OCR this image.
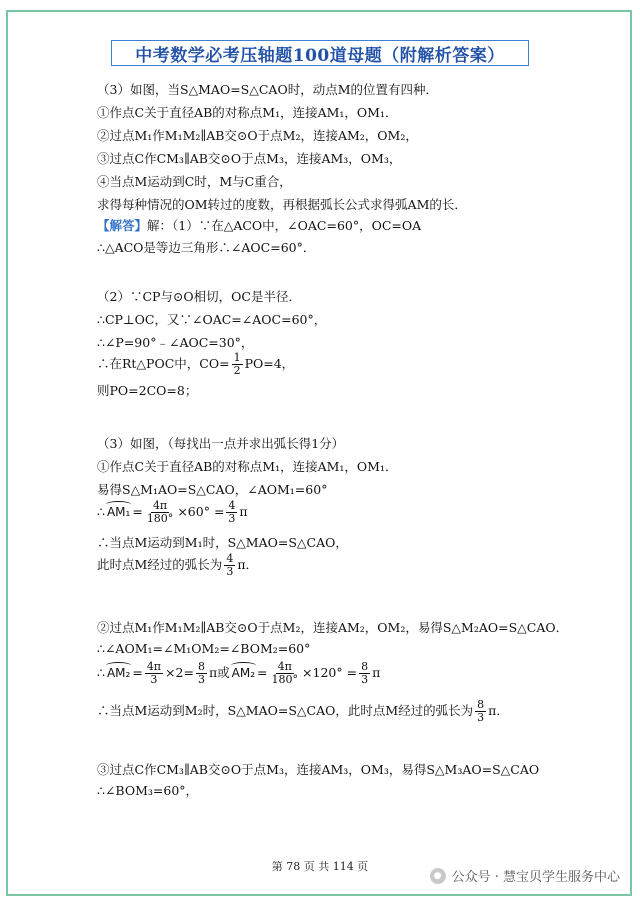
中考数学必考压轴题100道母题（附解析答案）
（3）如图，当S△MAO=S△CAO时，动点M的位置有四种．
①作点C关于直径AB的对称点M₁，连接AM₁，OM₁．
②过点M₁作M₁M₂∥AB交⊙O于点M₂，连接AM₂，OM₂，
③过点C作CM₃∥AB交⊙O于点M₃，连接AM₃，OM₃，
④当点M运动到C时，M与C重合，
求得每种情况的OM转过的度数，再根据弧长公式求得弧AM的长．
【解答】解：（1）∵在△ACO中，∠OAC=60°，OC=OA
∴△ACO是等边三角形∴∠AOC=60°．
（2）∵CP与⊙O相切，OC是半径．
∴CP⊥OC，又∵∠OAC=∠AOC=60°，
∴∠P=90°﹣∠AOC=30°，
∴在Rt△POC中，$CO= \frac{1}{2} PO=4$，
则PO=2CO=8；
（3）如图，（每找出一点并求出弧长得1分）
①作点C关于直径AB的对称点M₁，连接AM₁，OM₁．
易得S△M₁AO=S△CAO，∠AOM₁=60°
∴ $AM_1 = \frac{4\pi}{180^\circ} \times 60^\circ = \frac{4}{3}$ π
∴当点M运动到M₁时，S△MAO=S△CAO，
此时点M经过的弧长为 $\frac{4}{3}$ π．
②过点M₁作M₁M₂∥AB交⊙O于点M₂，连接AM₂，OM₂，易得S△M₂AO=S△CAO．
∴∠AOM₁=∠M₁OM₂=∠BOM₂=60°
∴ $AM_2 = \frac{4\pi}{3} \times 2= \frac{8}{3}$ π或 $AM_2 = \frac{4\pi}{180^\circ} \times 120^\circ = \frac{8}{3}$ π
∴当点M运动到M₂时，S△MAO=S△CAO，此时点M经过的弧长为 $\frac{8}{3}$ π．
③过点C作CM₃∥AB交⊙O于点M₃，连接AM₃，OM₃，易得S△M₃AO=S△CAO
∴∠BOM₃=60°，
第 78 页 共 114 页
● 公众号 · 慧宝贝学生服务中心
